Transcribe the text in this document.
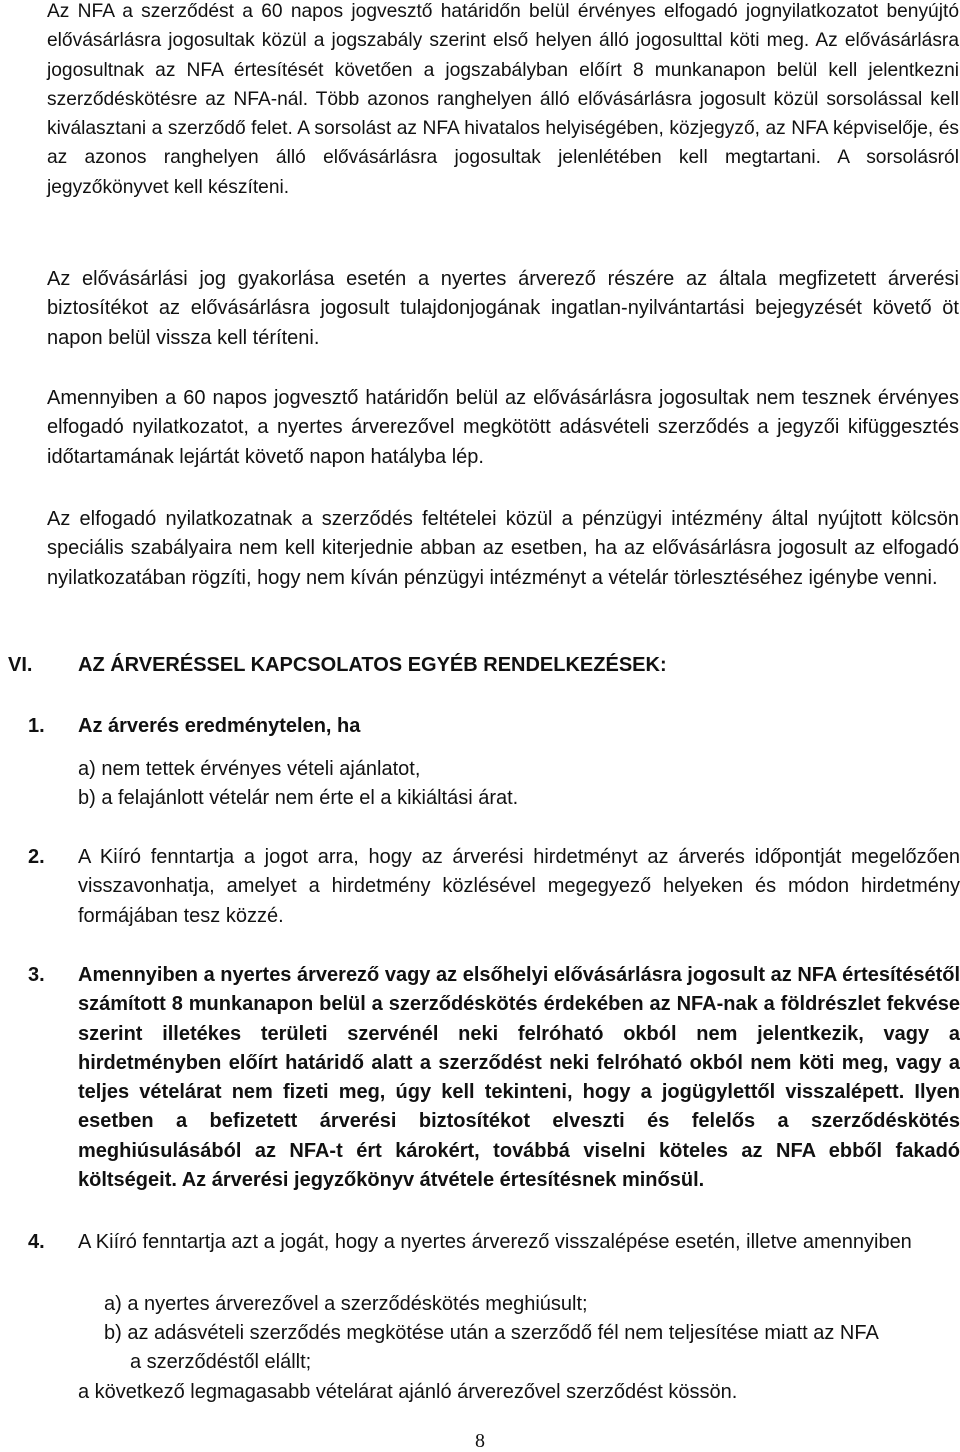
Az NFA a szerződést a 60 napos jogvesztő határidőn belül érvényes elfogadó jognyilatkozatot benyújtó elővásárlásra jogosultak közül a jogszabály szerint első helyen álló jogosulttal köti meg. Az elővásárlásra jogosultnak az NFA értesítését követően a jogszabályban előírt 8 munkanapon belül kell jelentkezni szerződéskötésre az NFA-nál. Több azonos ranghelyen álló elővásárlásra jogosult közül sorsolással kell kiválasztani a szerződő felet. A sorsolást az NFA hivatalos helyiségében, közjegyző, az NFA képviselője, és az azonos ranghelyen álló elővásárlásra jogosultak jelenlétében kell megtartani. A sorsolásról jegyzőkönyvet kell készíteni.

Az elővásárlási jog gyakorlása esetén a nyertes árverező részére az általa megfizetett árverési biztosítékot az elővásárlásra jogosult tulajdonjogának ingatlan-nyilvántartási bejegyzését követő öt napon belül vissza kell téríteni.

Amennyiben a 60 napos jogvesztő határidőn belül az elővásárlásra jogosultak nem tesznek érvényes elfogadó nyilatkozatot, a nyertes árverezővel megkötött adásvételi szerződés a jegyzői kifüggesztés időtartamának lejártát követő napon hatályba lép.

Az elfogadó nyilatkozatnak a szerződés feltételei közül a pénzügyi intézmény által nyújtott kölcsön speciális szabályaira nem kell kiterjednie abban az esetben, ha az elővásárlásra jogosult az elfogadó nyilatkozatában rögzíti, hogy nem kíván pénzügyi intézményt a vételár törlesztéséhez igénybe venni.

VI. AZ ÁRVERÉSSEL KAPCSOLATOS EGYÉB RENDELKEZÉSEK:
1. Az árverés eredménytelen, ha
a) nem tettek érvényes vételi ajánlatot,
b) a felajánlott vételár nem érte el a kikiáltási árat.
2. A Kiíró fenntartja a jogot arra, hogy az árverési hirdetményt az árverés időpontját megelőzően visszavonhatja, amelyet a hirdetmény közlésével megegyező helyeken és módon hirdetmény formájában tesz közzé.
3. Amennyiben a nyertes árverező vagy az elsőhelyi elővásárlásra jogosult az NFA értesítésétől számított 8 munkanapon belül a szerződéskötés érdekében az NFA-nak a földrészlet fekvése szerint illetékes területi szervénél neki felróható okból nem jelentkezik, vagy a hirdetményben előírt határidő alatt a szerződést neki felróható okból nem köti meg, vagy a teljes vételárat nem fizeti meg, úgy kell tekinteni, hogy a jogügylettől visszalépett. Ilyen esetben a befizetett árverési biztosítékot elveszti és felelős a szerződéskötés meghiúsulásából az NFA-t ért károkért, továbbá viselni köteles az NFA ebből fakadó költségeit. Az árverési jegyzőkönyv átvétele értesítésnek minősül.
4. A Kiíró fenntartja azt a jogát, hogy a nyertes árverező visszalépése esetén, illetve amennyiben
a) a nyertes árverezővel a szerződéskötés meghiúsult;
b) az adásvételi szerződés megkötése után a szerződő fél nem teljesítése miatt az NFA
a szerződéstől elállt;
a következő legmagasabb vételárat ajánló árverezővel szerződést kössön.
8
